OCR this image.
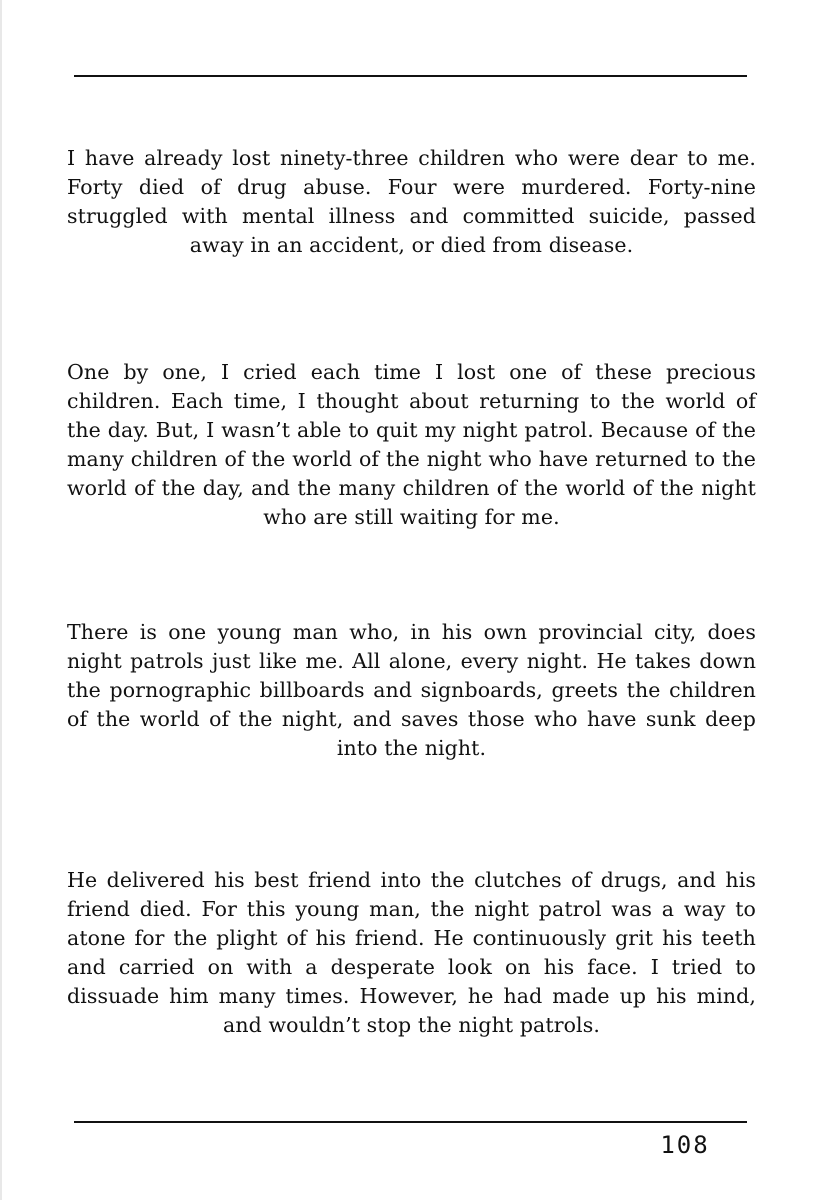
I have already lost ninety-three children who were dear to me. Forty died of drug abuse. Four were murdered. Forty-nine struggled with mental illness and committed suicide, passed away in an accident, or died from disease.

One by one, I cried each time I lost one of these precious children. Each time, I thought about returning to the world of the day. But, I wasn’t able to quit my night patrol. Because of the many children of the world of the night who have returned to the world of the day, and the many children of the world of the night who are still waiting for me.

There is one young man who, in his own provincial city, does night patrols just like me. All alone, every night. He takes down the pornographic billboards and signboards, greets the children of the world of the night, and saves those who have sunk deep into the night.

He delivered his best friend into the clutches of drugs, and his friend died. For this young man, the night patrol was a way to atone for the plight of his friend. He continuously grit his teeth and carried on with a desperate look on his face. I tried to dissuade him many times. However, he had made up his mind, and wouldn’t stop the night patrols.

108
